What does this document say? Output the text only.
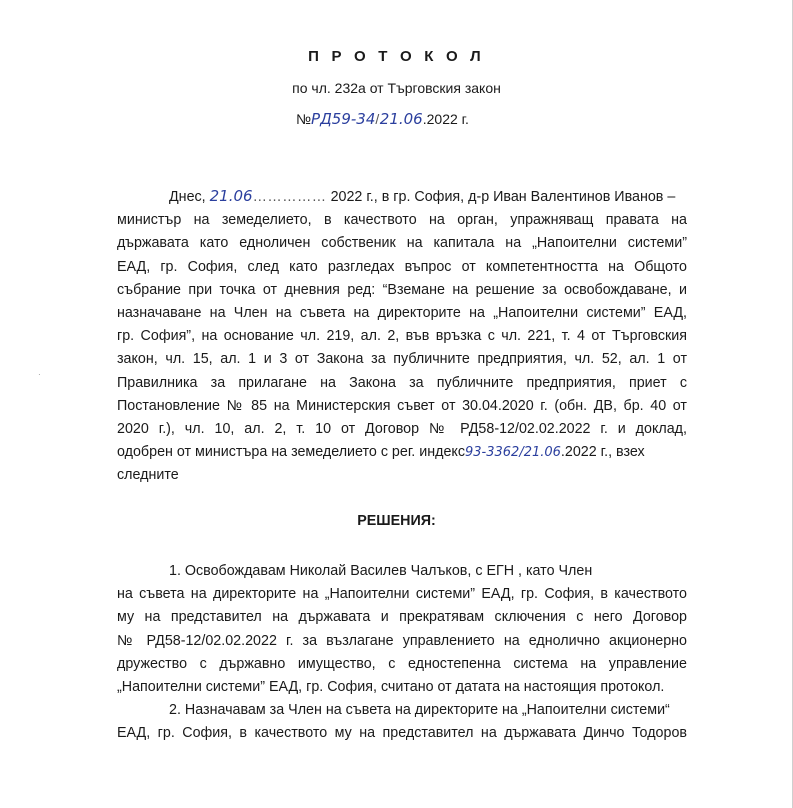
П Р О Т О К О Л
по чл. 232а от Търговския закон
№РД59-34/21.06.2022 г.
·
Днес, 21.06…………… 2022 г., в гр. София, д-р Иван Валентинов Иванов –
министър на земеделието, в качеството на орган, упражняващ правата на
държавата като едноличен собственик на капитала на „Напоителни системи”
ЕАД, гр. София, след като разгледах въпрос от компетентността на Общото
събрание при точка от дневния ред: “Вземане на решение за освобождаване, и
назначаване на Член на съвета на директорите на „Напоителни системи” ЕАД,
гр. София”, на основание чл. 219, ал. 2, във връзка с чл. 221, т. 4 от Търговския
закон, чл. 15, ал. 1 и 3 от Закона за публичните предприятия, чл. 52, ал. 1 от
Правилника за прилагане на Закона за публичните предприятия, приет с
Постановление № 85 на Министерския съвет от 30.04.2020 г. (обн. ДВ, бр. 40 от
2020 г.), чл. 10, ал. 2, т. 10 от Договор № РД58-12/02.02.2022 г. и доклад,
одобрен от министъра на земеделието с рег. индекс93-3362/21.06.2022 г., взех
следните
РЕШЕНИЯ:
1. Освобождавам Николай Василев Чалъков, с ЕГН , като Член
на съвета на директорите на „Напоителни системи” ЕАД, гр. София, в качеството
му на представител на държавата и прекратявам сключения с него Договор
№ РД58-12/02.02.2022 г. за възлагане управлението на еднолично акционерно
дружество с държавно имущество, с едностепенна система на управление
„Напоителни системи” ЕАД, гр. София, считано от датата на настоящия протокол.
2. Назначавам за Член на съвета на директорите на „Напоителни системи“
ЕАД, гр. София, в качеството му на представител на държавата Динчо Тодоров
